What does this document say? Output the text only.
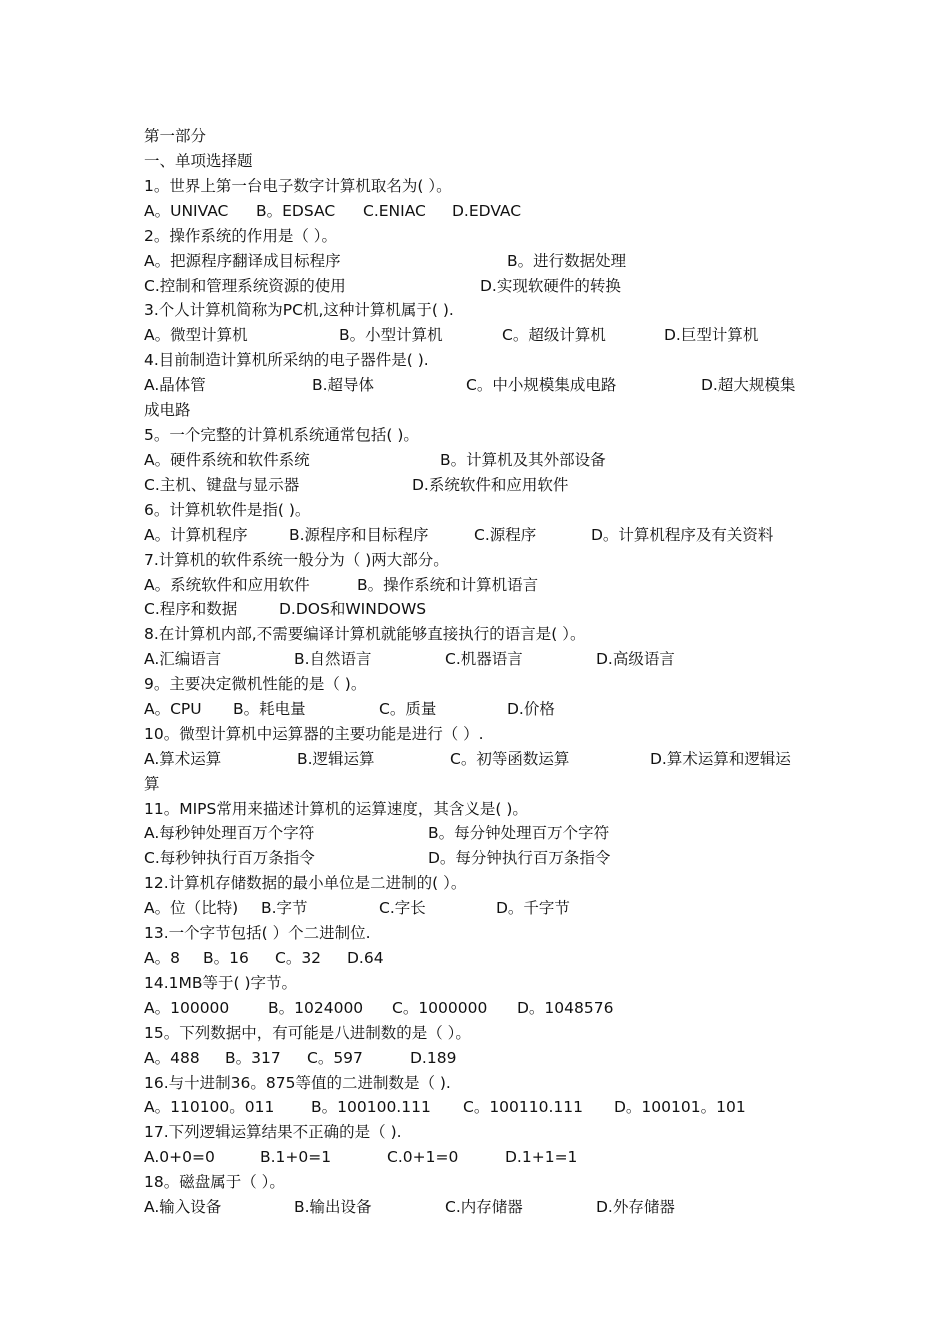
第一部分
一、单项选择题
1。世界上第一台电子数字计算机取名为( ）。
A。UNIVAC B。EDSAC C.ENIAC D.EDVAC
2。操作系统的作用是（ ）。
A。把源程序翻译成目标程序	B。进行数据处理
C.控制和管理系统资源的使用	D.实现软硬件的转换
3.个人计算机简称为PC机,这种计算机属于( ).
A。微型计算机	B。小型计算机	C。超级计算机	D.巨型计算机
4.目前制造计算机所采纳的电子器件是( ).
A.晶体管	B.超导体	C。中小规模集成电路	D.超大规模集
成电路
5。一个完整的计算机系统通常包括( )。
A。硬件系统和软件系统	B。计算机及其外部设备
C.主机、键盘与显示器	D.系统软件和应用软件
6。计算机软件是指( )。
A。计算机程序	B.源程序和目标程序	C.源程序	D。计算机程序及有关资料
7.计算机的软件系统一般分为（ )两大部分。
A。系统软件和应用软件	B。操作系统和计算机语言
C.程序和数据	D.DOS和WINDOWS
8.在计算机内部,不需要编译计算机就能够直接执行的语言是( ）。
A.汇编语言	B.自然语言	C.机器语言	D.高级语言
9。主要决定微机性能的是（ )。
A。CPU B。耗电量	C。质量	D.价格
10。微型计算机中运算器的主要功能是进行（ ）.
A.算术运算	B.逻辑运算	C。初等函数运算	D.算术运算和逻辑运
算
11。MIPS常用来描述计算机的运算速度，其含义是( )。
A.每秒钟处理百万个字符	B。每分钟处理百万个字符
C.每秒钟执行百万条指令	D。每分钟执行百万条指令
12.计算机存储数据的最小单位是二进制的( ）。
A。位（比特) B.字节	C.字长	D。千字节
13.一个字节包括( ）个二进制位.
A。8 B。16 C。32 D.64
14.1MB等于( )字节。
A。100000 B。1024000 C。1000000 D。1048576
15。下列数据中，有可能是八进制数的是（ ）。
A。488 B。317 C。597	D.189
16.与十进制36。875等值的二进制数是（ ).
A。110100。011 B。100100.111 C。100110.111 D。100101。101
17.下列逻辑运算结果不正确的是（ ).
A.0+0=0	B.1+0=1	C.0+1=0	D.1+1=1
18。磁盘属于（ ）。
A.输入设备	B.输出设备	C.内存储器	D.外存储器
